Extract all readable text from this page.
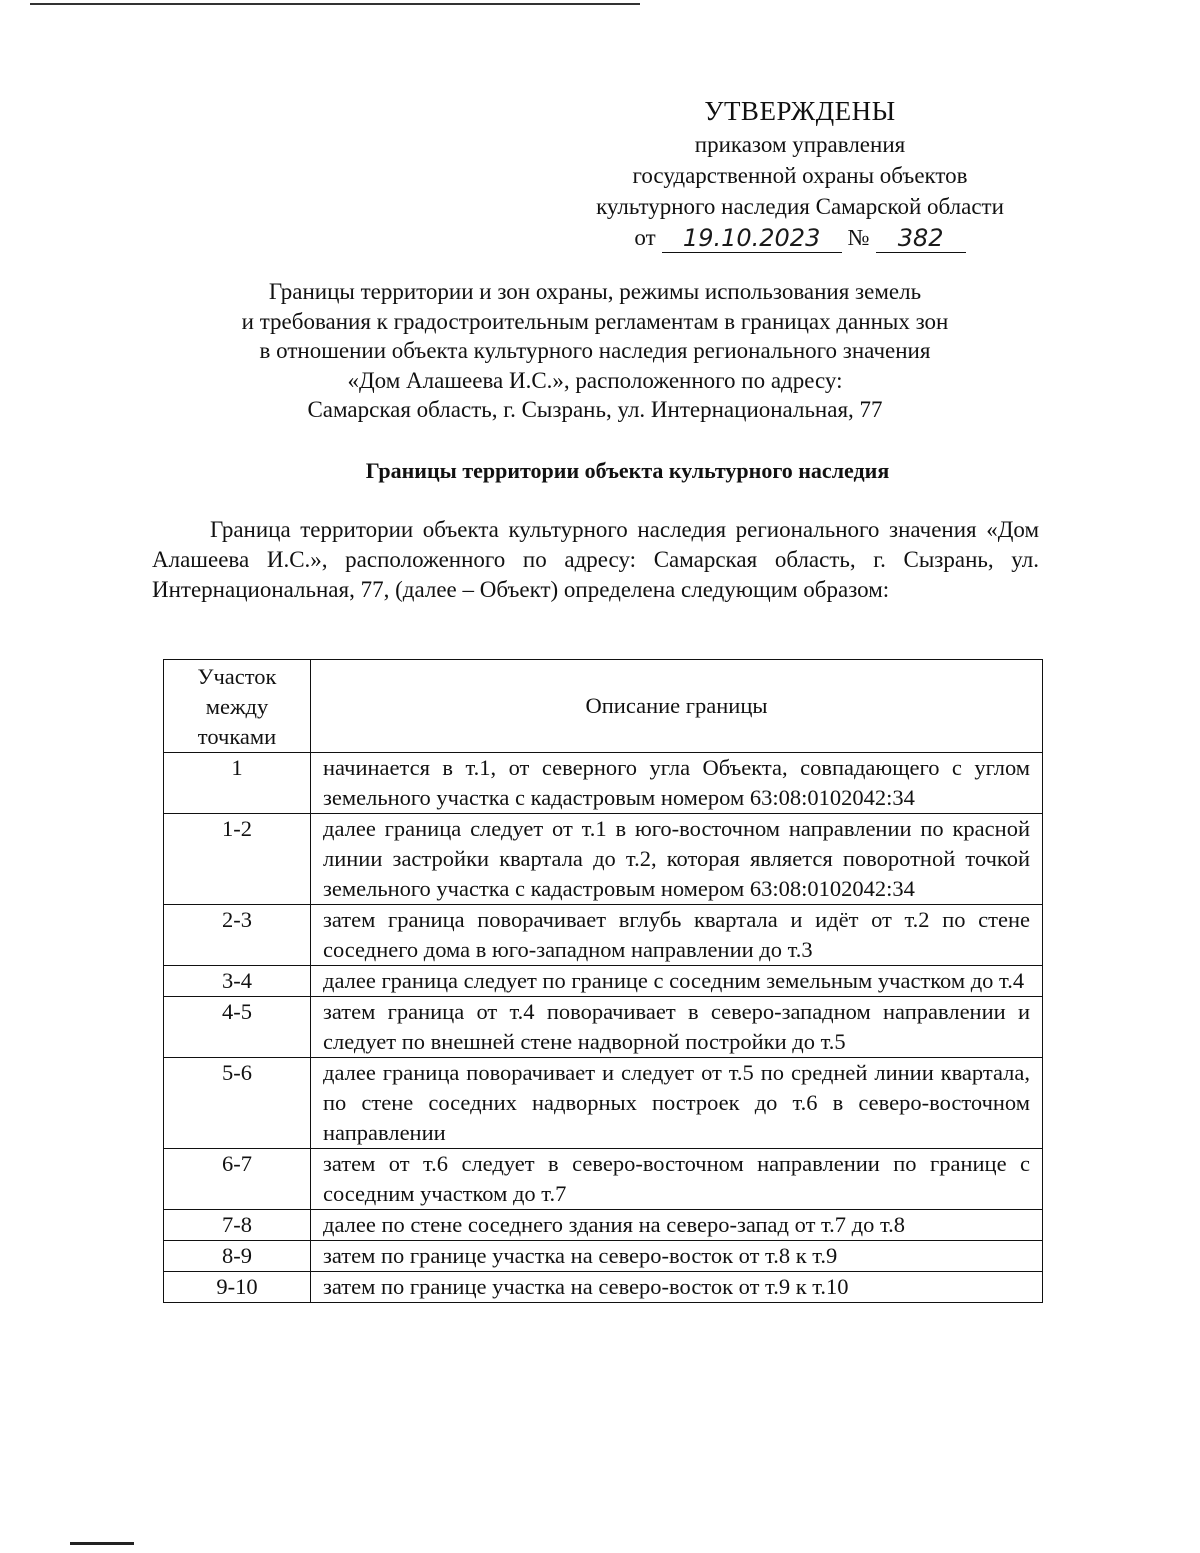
УТВЕРЖДЕНЫ
приказом управления
государственной охраны объектов
культурного наследия Самарской области
от	19.10.2023	№	382
Границы территории и зон охраны, режимы использования земель
и требования к градостроительным регламентам в границах данных зон
в отношении объекта культурного наследия регионального значения
«Дом Алашеева И.С.», расположенного по адресу:
Самарская область, г. Сызрань, ул. Интернациональная, 77
Границы территории объекта культурного наследия
Граница территории объекта культурного наследия регионального значения «Дом Алашеева И.С.», расположенного по адресу: Самарская область, г. Сызрань, ул. Интернациональная, 77, (далее – Объект) определена следующим образом:
Участок
между
точками	Описание границы
1	начинается в т.1, от северного угла Объекта, совпадающего с углом земельного участка с кадастровым номером 63:08:0102042:34
1-2	далее граница следует от т.1 в юго-восточном направлении по красной линии застройки квартала до т.2, которая является поворотной точкой земельного участка с кадастровым номером 63:08:0102042:34
2-3	затем граница поворачивает вглубь квартала и идёт от т.2 по стене соседнего дома в юго-западном направлении до т.3
3-4	далее граница следует по границе с соседним земельным участком до т.4
4-5	затем граница от т.4 поворачивает в северо-западном направлении и следует по внешней стене надворной постройки до т.5
5-6	далее граница поворачивает и следует от т.5 по средней линии квартала, по стене соседних надворных построек до т.6 в северо-восточном направлении
6-7	затем от т.6 следует в северо-восточном направлении по границе с соседним участком до т.7
7-8	далее по стене соседнего здания на северо-запад от т.7 до т.8
8-9	затем по границе участка на северо-восток от т.8 к т.9
9-10	затем по границе участка на северо-восток от т.9 к т.10
